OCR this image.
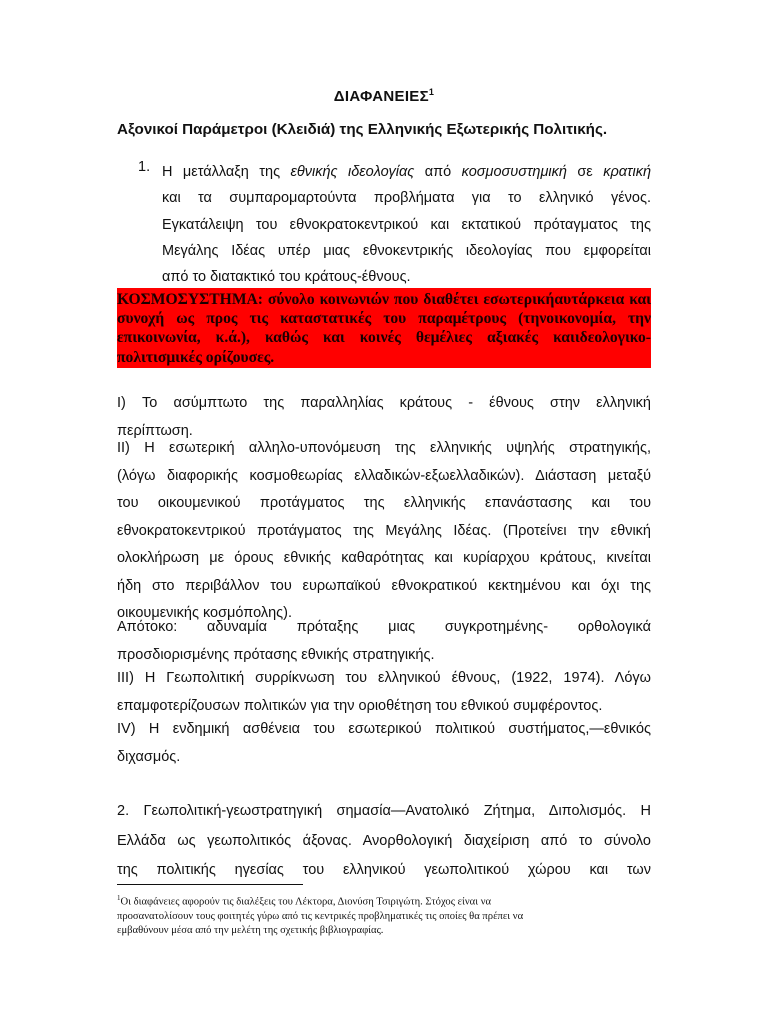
ΔΙΑΦΑΝΕΙΕΣ$^1$
Αξονικοί Παράμετροι (Κλειδιά) της Ελληνικής Εξωτερικής Πολιτικής.
1. Η μετάλλαξη της εθνικής ιδεολογίας από κοσμοσυστημική σε κρατική
και τα συμπαρομαρτούντα προβλήματα για το ελληνικό γένος.
Εγκατάλειψη του εθνοκρατοκεντρικού και εκτατικού πρόταγματος της
Μεγάλης Ιδέας υπέρ μιας εθνοκεντρικής ιδεολογίας που εμφορείται
από το διατακτικό του κράτους-έθνους.
ΚΟΣΜΟΣΥΣΤΗΜΑ: σύνολο κοινωνιών που διαθέτει εσωτερικήαυτάρκεια και συνοχή ως προς τις καταστατικές του παραμέτρους (τηνοικονομία, την επικοινωνία, κ.ά.), καθώς και κοινές θεμέλιες αξιακές καιιδεολογικο-πολιτισμικές ορίζουσες.
I) Το ασύμπτωτο της παραλληλίας κράτους - έθνους στην ελληνική
περίπτωση.
II) Η εσωτερική αλληλο-υπονόμευση της ελληνικής υψηλής στρατηγικής,
(λόγω διαφορικής κοσμοθεωρίας ελλαδικών-εξωελλαδικών). Διάσταση μεταξύ
του οικουμενικού προτάγματος της ελληνικής επανάστασης και του
εθνοκρατοκεντρικού προτάγματος της Μεγάλης Ιδέας. (Προτείνει την εθνική
ολοκλήρωση με όρους εθνικής καθαρότητας και κυρίαρχου κράτους, κινείται
ήδη στο περιβάλλον του ευρωπαϊκού εθνοκρατικού κεκτημένου και όχι της
οικουμενικής κοσμόπολης).
Απότοκο: αδυναμία πρόταξης μιας συγκροτημένης- ορθολογικά
προσδιορισμένης πρότασης εθνικής στρατηγικής.
III) Η Γεωπολιτική συρρίκνωση του ελληνικού έθνους, (1922, 1974). Λόγω
επαμφοτερίζουσων πολιτικών για την οριοθέτηση του εθνικού συμφέροντος.
IV) Η ενδημική ασθένεια του εσωτερικού πολιτικού συστήματος,—εθνικός
διχασμός.
2. Γεωπολιτική-γεωστρατηγική σημασία—Ανατολικό Ζήτημα, Διπολισμός. Η
Ελλάδα ως γεωπολιτικός άξονας. Ανορθολογική διαχείριση από το σύνολο
της πολιτικής ηγεσίας του ελληνικού γεωπολιτικού χώρου και των
$^1$Οι διαφάνειες αφορούν τις διαλέξεις του Λέκτορα, Διονύση Τσιριγώτη. Στόχος είναι να
προσανατολίσουν τους φοιτητές γύρω από τις κεντρικές προβληματικές τις οποίες θα πρέπει να
εμβαθύνουν μέσα από την μελέτη της σχετικής βιβλιογραφίας.
